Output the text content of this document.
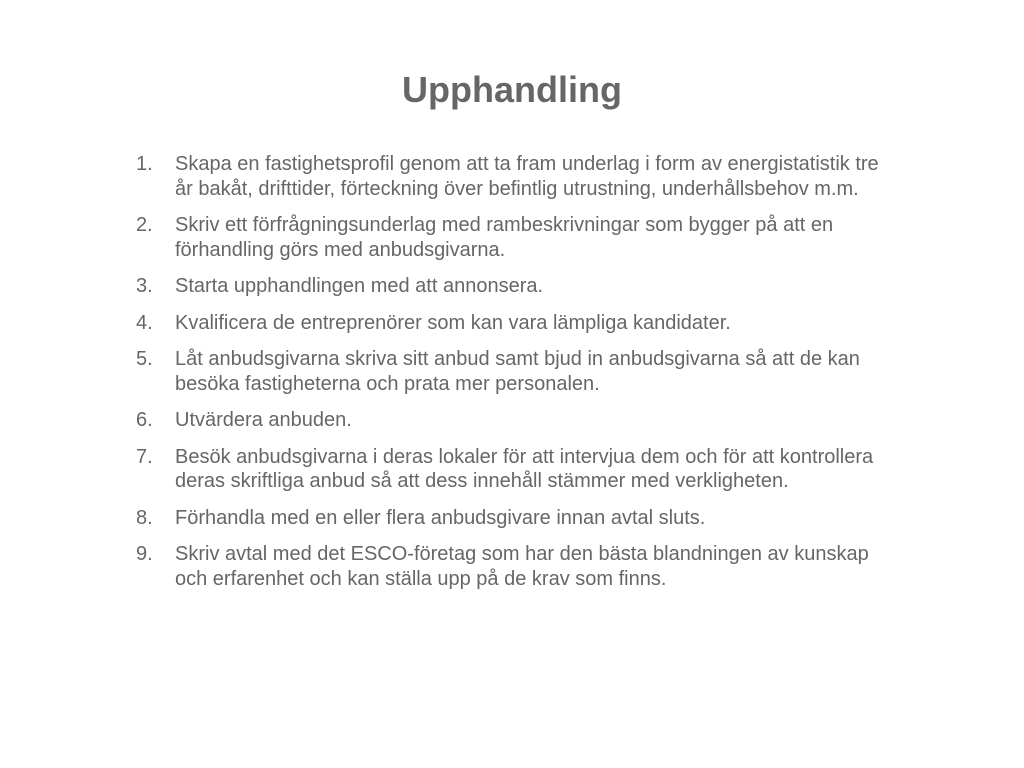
Upphandling
1.	Skapa en fastighetsprofil genom att ta fram underlag i form av energistatistik tre år bakåt, drifttider, förteckning över befintlig utrustning, underhållsbehov m.m.
2.	Skriv ett förfrågningsunderlag med rambeskrivningar som bygger på att en förhandling görs med anbudsgivarna.
3.	Starta upphandlingen med att annonsera.
4.	Kvalificera de entreprenörer som kan vara lämpliga kandidater.
5.	Låt anbudsgivarna skriva sitt anbud samt bjud in anbudsgivarna så att de kan besöka fastigheterna och prata mer personalen.
6.	Utvärdera anbuden.
7.	Besök anbudsgivarna i deras lokaler för att intervjua dem och för att kontrollera deras skriftliga anbud så att dess innehåll stämmer med verkligheten.
8.	Förhandla med en eller flera anbudsgivare innan avtal sluts.
9.	Skriv avtal med det ESCO-företag som har den bästa blandningen av kunskap och erfarenhet och kan ställa upp på de krav som finns.
